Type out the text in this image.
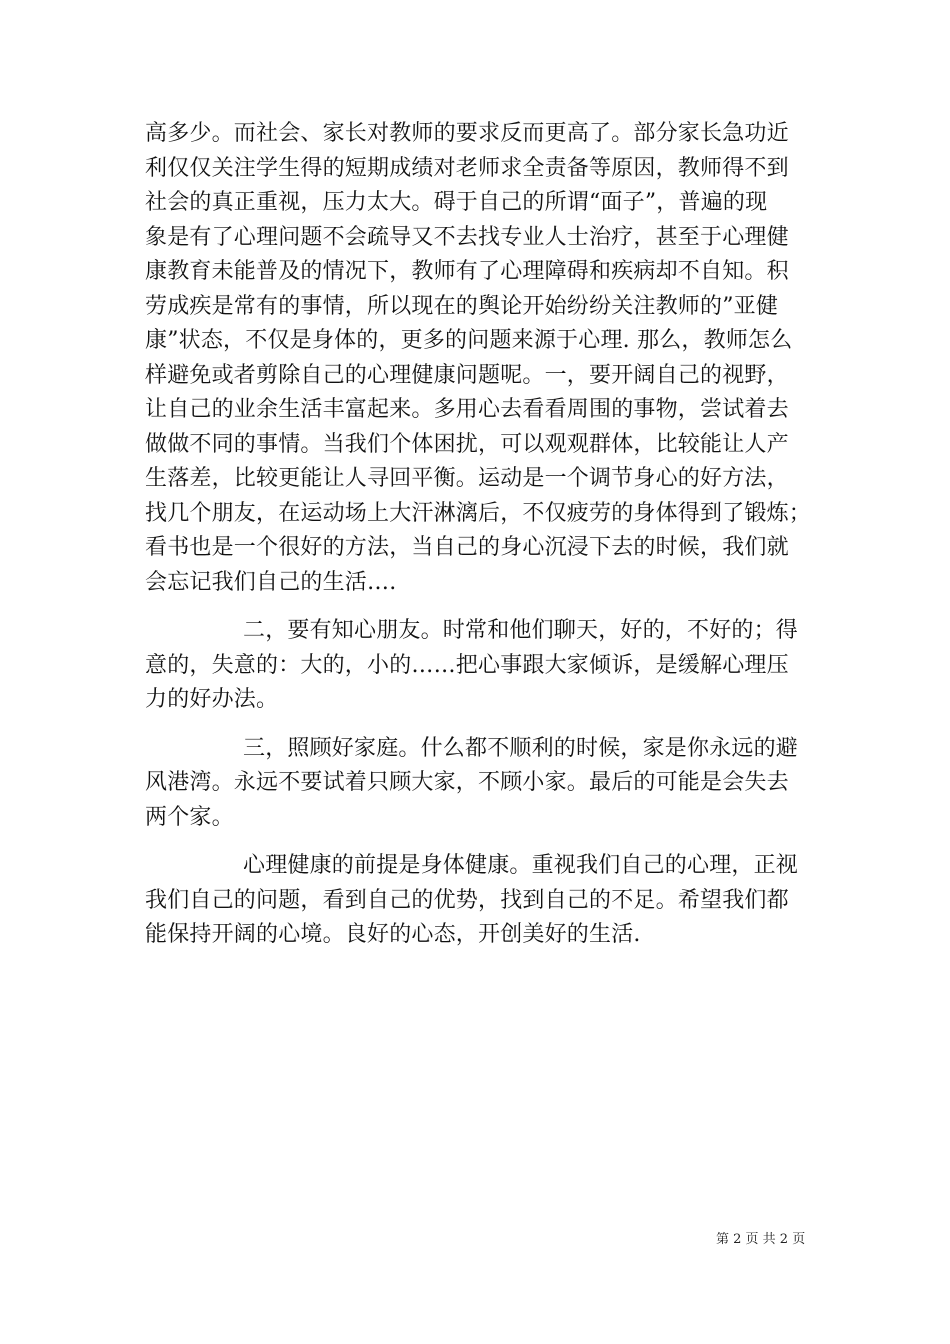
高多少。而社会、家长对教师的要求反而更高了。部分家长急功近
利仅仅关注学生得的短期成绩对老师求全责备等原因，教师得不到
社会的真正重视，压力太大。碍于自己的所谓“面子”，普遍的现
象是有了心理问题不会疏导又不去找专业人士治疗，甚至于心理健
康教育未能普及的情况下，教师有了心理障碍和疾病却不自知。积
劳成疾是常有的事情，所以现在的舆论开始纷纷关注教师的”亚健
康”状态，不仅是身体的，更多的问题来源于心理. 那么，教师怎么
样避免或者剪除自己的心理健康问题呢。一，要开阔自己的视野，
让自己的业余生活丰富起来。多用心去看看周围的事物，尝试着去
做做不同的事情。当我们个体困扰，可以观观群体，比较能让人产
生落差，比较更能让人寻回平衡。运动是一个调节身心的好方法，
找几个朋友，在运动场上大汗淋漓后，不仅疲劳的身体得到了锻炼；
看书也是一个很好的方法，当自己的身心沉浸下去的时候，我们就
会忘记我们自己的生活….
二，要有知心朋友。时常和他们聊天，好的，不好的；得
意的，失意的：大的，小的……把心事跟大家倾诉，是缓解心理压
力的好办法。
三，照顾好家庭。什么都不顺利的时候，家是你永远的避
风港湾。永远不要试着只顾大家，不顾小家。最后的可能是会失去
两个家。
心理健康的前提是身体健康。重视我们自己的心理，正视
我们自己的问题，看到自己的优势，找到自己的不足。希望我们都
能保持开阔的心境。良好的心态，开创美好的生活.
第 2 页 共 2 页
